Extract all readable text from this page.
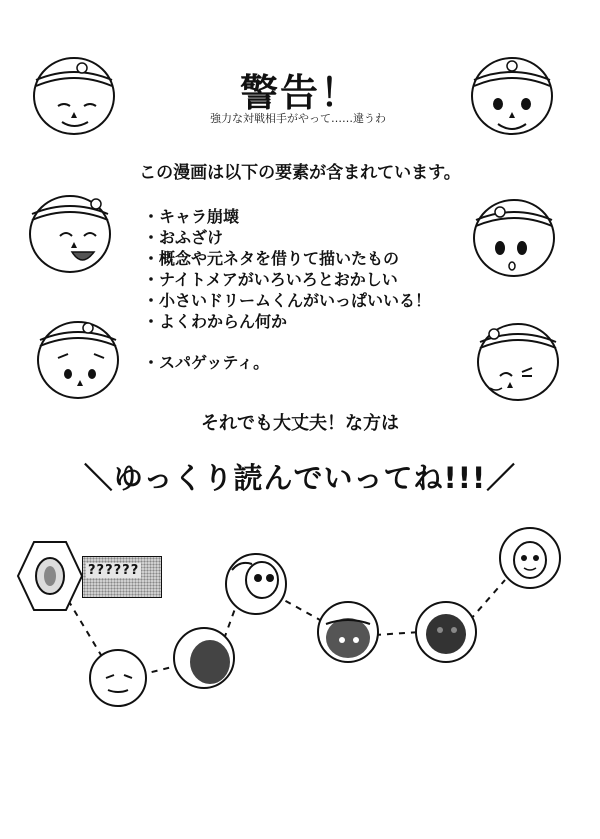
警告！
強力な対戦相手がやって……違うわ
この漫画は以下の要素が含まれています。
・キャラ崩壊
・おふざけ
・概念や元ネタを借りて描いたもの
・ナイトメアがいろいろとおかしい
・小さいドリームくんがいっぱいいる！
・よくわからん何か
・スパゲッティ。
それでも大丈夫！な方は
＼ゆっくり読んでいってね!!!／
??????
